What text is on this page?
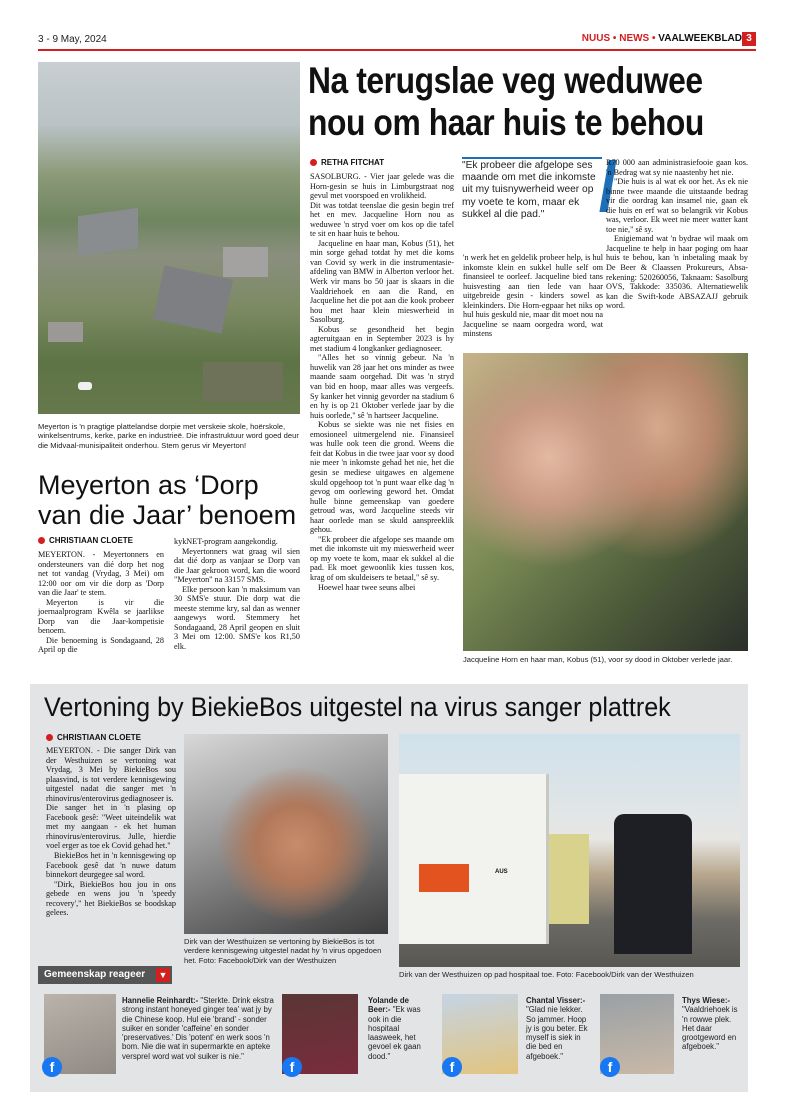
3 - 9 May, 2024	NUUS • NEWS • VAALWEEKBLAD 3
Meyerton is 'n pragtige plattelandse dorpie met verskeie skole, hoërskole, winkelsentrums, kerke, parke en industrieë. Die infrastruktuur word goed deur die Midvaal-munisipaliteit onderhou. Stem gerus vir Meyerton!
Meyerton as ‘Dorp van die Jaar’ benoem
CHRISTIAAN CLOETE

MEYERTON. - Meyertonners en ondersteuners van dié dorp het nog net tot vandag (Vrydag, 3 Mei) om 12:00 oor om vir die dorp as 'Dorp van die Jaar' te stem.

Meyerton is vir die joernaalprogram Kwêla se jaarlikse Dorp van die Jaar-kompetisie benoem.

Die benoeming is Sondagaand, 28 April op die

kykNET-program aangekondig.

Meyertonners wat graag wil sien dat dié dorp as vanjaar se Dorp van die Jaar gekroon word, kan die woord "Meyerton" na 33157 SMS.

Elke persoon kan 'n maksimum van 30 SMS'e stuur. Die dorp wat die meeste stemme kry, sal dan as wenner aangewys word. Stemmery het Sondagaand, 28 April geopen en sluit 3 Mei om 12:00. SMS'e kos R1,50 elk.

Na terugslae veg weduwee
nou om haar huis te behou
RETHA FITCHAT

SASOLBURG. - Vier jaar gelede was die Horn-gesin se huis in Limburgstraat nog gevul met voorspoed en vrolikheid.

Dit was totdat teenslae die gesin begin tref het en mev. Jacqueline Horn nou as weduwee 'n stryd voer om kos op die tafel te sit en haar huis te behou.

Jacqueline en haar man, Kobus (51), het min sorge gehad totdat hy met die koms van Covid sy werk in die instrumentasie-afdeling van BMW in Alberton verloor het. Werk vir mans bo 50 jaar is skaars in die Vaaldriehoek en aan die Rand, en Jacqueline het die pot aan die kook probeer hou met haar klein mieswerheid in Sasolburg.

Kobus se gesondheid het begin agteruitgaan en in September 2023 is hy met stadium 4 longkanker gediagnoseer.

"Alles het so vinnig gebeur. Na 'n huwelik van 28 jaar het ons minder as twee maande saam oorgehad. Dit was 'n stryd van bid en hoop, maar alles was vergeefs. Sy kanker het vinnig gevorder na stadium 6 en hy is op 21 Oktober verlede jaar by die huis oorlede," sê 'n hartseer Jacqueline.

Kobus se siekte was nie net fisies en emosioneel uitmergelend nie. Finansieel was hulle ook teen die grond. Weens die feit dat Kobus in die twee jaar voor sy dood nie meer 'n inkomste gehad het nie, het die gesin se mediese uitgawes en algemene skuld opgehoop tot 'n punt waar elke dag 'n gevog om oorlewing geword het. Omdat hulle binne gemeenskap van goedere getroud was, word Jacqueline steeds vir haar oorlede man se skuld aanspreeklik gehou.

"Ek probeer die afgelope ses maande om met die inkomste uit my mieswerheid weer op my voete te kom, maar ek sukkel al die pad. Ek moet gewoonlik kies tussen kos, krag of om skuldeisers te betaal," sê sy.

Hoewel haar twee seuns albei

"Ek probeer die afgelope ses maande om met die inkomste uit my tuisnywerheid weer op my voete te kom, maar ek sukkel al die pad."

'n werk het en geldelik probeer help, is hul inkomste klein en sukkel hulle self om finansieel te oorleef. Jacqueline bied tans huisvesting aan tien lede van haar uitgebreide gesin - kinders sowel as kleinkinders. Die Horn-egpaar het niks op hul huis geskuld nie, maar dit moet nou na Jacqueline se naam oorgedra word, wat minstens

R70 000 aan administrasiefooie gaan kos. 'n Bedrag wat sy nie naastenby het nie.

"Die huis is al wat ek oor het. As ek nie binne twee maande die uitstaande bedrag vir die oordrag kan insamel nie, gaan ek die huis en erf wat so belangrik vir Kobus was, verloor. Ek weet nie meer watter kant toe nie," sê sy.

Enigiemand wat 'n bydrae wil maak om Jacqueline te help in haar poging om haar huis te behou, kan 'n inbetaling maak by De Beer & Claassen Prokureurs, Absa-rekening: 520260056, Taknaam: Sasolburg OVS, Takkode: 335036. Alternatiewelik kan die Swift-kode ABSAZAJJ gebruik word.

Jacqueline Horn en haar man, Kobus (51), voor sy dood in Oktober verlede jaar.
Vertoning by BiekieBos uitgestel na virus sanger plattrek
CHRISTIAAN CLOETE

MEYERTON. - Die sanger Dirk van der Westhuizen se vertoning wat Vrydag, 3 Mei by BiekieBos sou plaasvind, is tot verdere kennisgewing uitgestel nadat die sanger met 'n rhinovirus/enterovirus gediagnoseer is.

Die sanger het in 'n plasing op Facebook gesê: "Weet uiteindelik wat met my aangaan - ek het human rhinovirus/enterovirus. Julle, hierdie voel erger as toe ek Covid gehad het."

BiekieBos het in 'n kennisgewing op Facebook gesê dat 'n nuwe datum binnekort deurgegee sal word.

"Dirk, BiekieBos hou jou in ons gebede en wens jou 'n 'speedy recovery'," het BiekieBos se boodskap gelees.

Dirk van der Westhuizen se vertoning by BiekieBos is tot verdere kennisgewing uitgestel nadat hy 'n virus opgedoen het. Foto: Facebook/Dirk van der Westhuizen
AUS
Dirk van der Westhuizen op pad hospitaal toe. Foto: Facebook/Dirk van der Westhuizen
Gemeenskap reageer ▼
f
Hannelie Reinhardt:- "Sterkte. Drink ekstra strong instant honeyed ginger tea' wat jy by die Chinese koop. Hul eie 'brand' - sonder suiker en sonder 'caffeine' en sonder 'preservatives.' Dis 'potent' en werk soos 'n bom. Nie die wat in supermarkte en apteke verspreI word wat vol suiker is nie."
f
Yolande de Beer:- "Ek was ook in die hospitaal laasweek, het gevoel ek gaan dood."
f
Chantal Visser:- "Glad nie lekker. So jammer. Hoop jy is gou beter. Ek myself is siek in die bed en afgeboek."
f
Thys Wiese:- "Vaaldriehoek is 'n rowwe plek. Het daar grootgeword en afgeboek."
